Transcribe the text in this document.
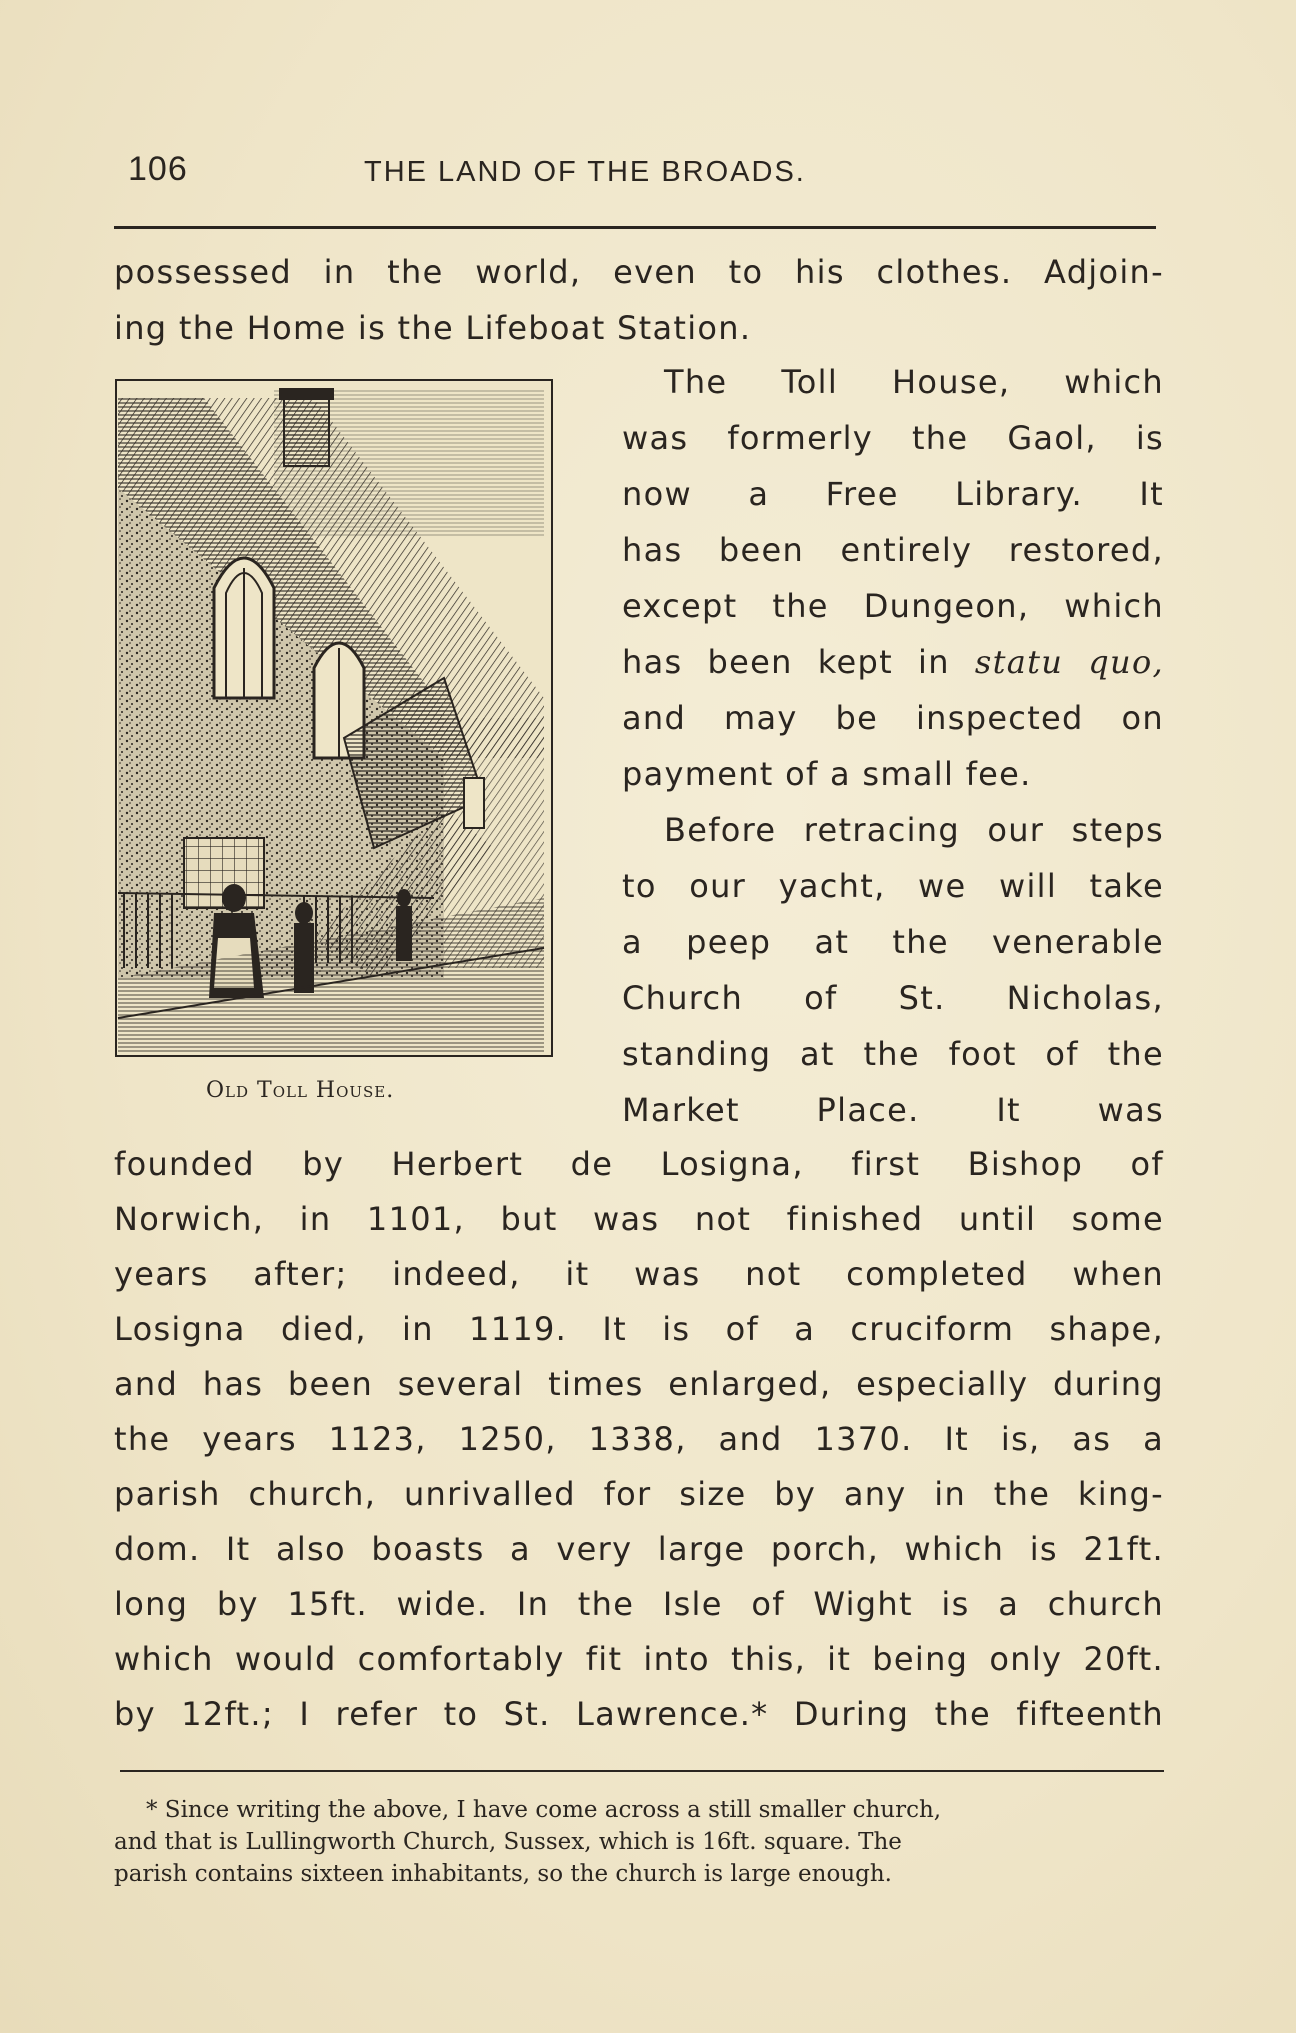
106	THE LAND OF THE BROADS.
possessed in the world, even to his clothes. Adjoin-
ing the Home is the Lifeboat Station.
The Toll House, which
was formerly the Gaol, is
now a Free Library. It
has been entirely restored,
except the Dungeon, which
has been kept in statu quo,
and may be inspected on
payment of a small fee.
Before retracing our steps
to our yacht, we will take
a peep at the venerable
Church of St. Nicholas,
standing at the foot of the
Market Place. It was
founded by Herbert de Losigna, first Bishop of
Norwich, in 1101, but was not finished until some
years after; indeed, it was not completed when
Losigna died, in 1119. It is of a cruciform shape,
and has been several times enlarged, especially during
the years 1123, 1250, 1338, and 1370. It is, as a
parish church, unrivalled for size by any in the king-
dom. It also boasts a very large porch, which is 21ft.
long by 15ft. wide. In the Isle of Wight is a church
which would comfortably fit into this, it being only 20ft.
by 12ft.; I refer to St. Lawrence.* During the fifteenth
Old Toll House.
* Since writing the above, I have come across a still smaller church,
and that is Lullingworth Church, Sussex, which is 16ft. square. The
parish contains sixteen inhabitants, so the church is large enough.
